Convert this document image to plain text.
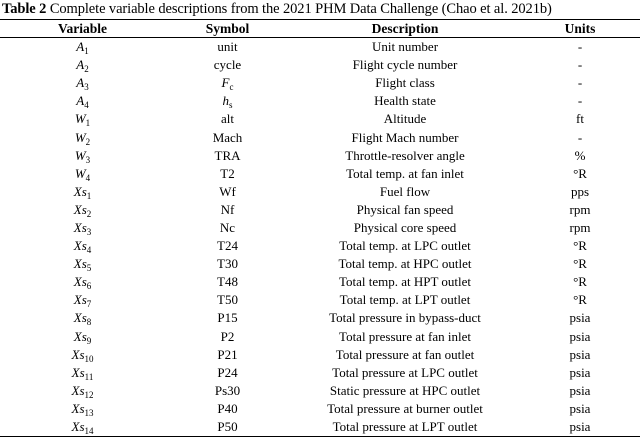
Table 2 Complete variable descriptions from the 2021 PHM Data Challenge (Chao et al. 2021b)
Variable	Symbol	Description	Units
$A_1$	unit	Unit number	-
$A_2$	cycle	Flight cycle number	-
$A_3$	$F_c$	Flight class	-
$A_4$	$h_s$	Health state	-
$W_1$	alt	Altitude	ft
$W_2$	Mach	Flight Mach number	-
$W_3$	TRA	Throttle-resolver angle	%
$W_4$	T2	Total temp. at fan inlet	°R
$Xs_1$	Wf	Fuel flow	pps
$Xs_2$	Nf	Physical fan speed	rpm
$Xs_3$	Nc	Physical core speed	rpm
$Xs_4$	T24	Total temp. at LPC outlet	°R
$Xs_5$	T30	Total temp. at HPC outlet	°R
$Xs_6$	T48	Total temp. at HPT outlet	°R
$Xs_7$	T50	Total temp. at LPT outlet	°R
$Xs_8$	P15	Total pressure in bypass-duct	psia
$Xs_9$	P2	Total pressure at fan inlet	psia
$Xs_{10}$	P21	Total pressure at fan outlet	psia
$Xs_{11}$	P24	Total pressure at LPC outlet	psia
$Xs_{12}$	Ps30	Static pressure at HPC outlet	psia
$Xs_{13}$	P40	Total pressure at burner outlet	psia
$Xs_{14}$	P50	Total pressure at LPT outlet	psia
